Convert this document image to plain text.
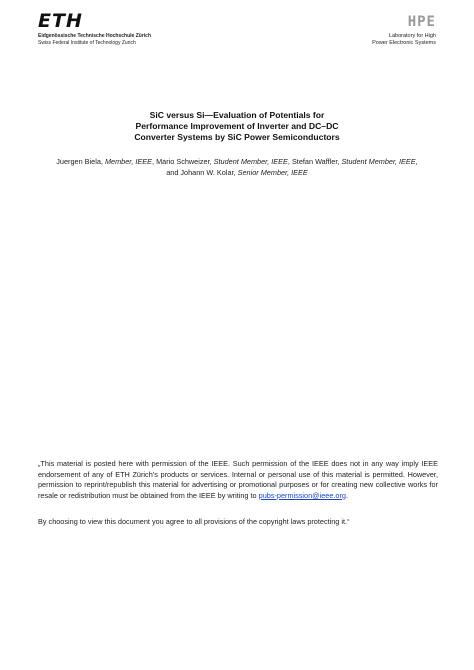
ETH
Eidgenössische Technische Hochschule Zürich
Swiss Federal Institute of Technology Zurich
HPE
Laboratory for High
Power Electronic Systems
SiC versus Si—Evaluation of Potentials for
Performance Improvement of Inverter and DC–DC
Converter Systems by SiC Power Semiconductors
Juergen Biela, Member, IEEE, Mario Schweizer, Student Member, IEEE, Stefan Waffler, Student Member, IEEE,
and Johann W. Kolar, Senior Member, IEEE
„This material is posted here with permission of the IEEE. Such permission of the IEEE does not in any way imply IEEE endorsement of any of ETH Zürich’s products or services. Internal or personal use of this material is permitted. However, permission to reprint/republish this material for advertising or promotional purposes or for creating new collective works for resale or redistribution must be obtained from the IEEE by writing to pubs-permission@ieee.org.
By choosing to view this document you agree to all provisions of the copyright laws protecting it.“
